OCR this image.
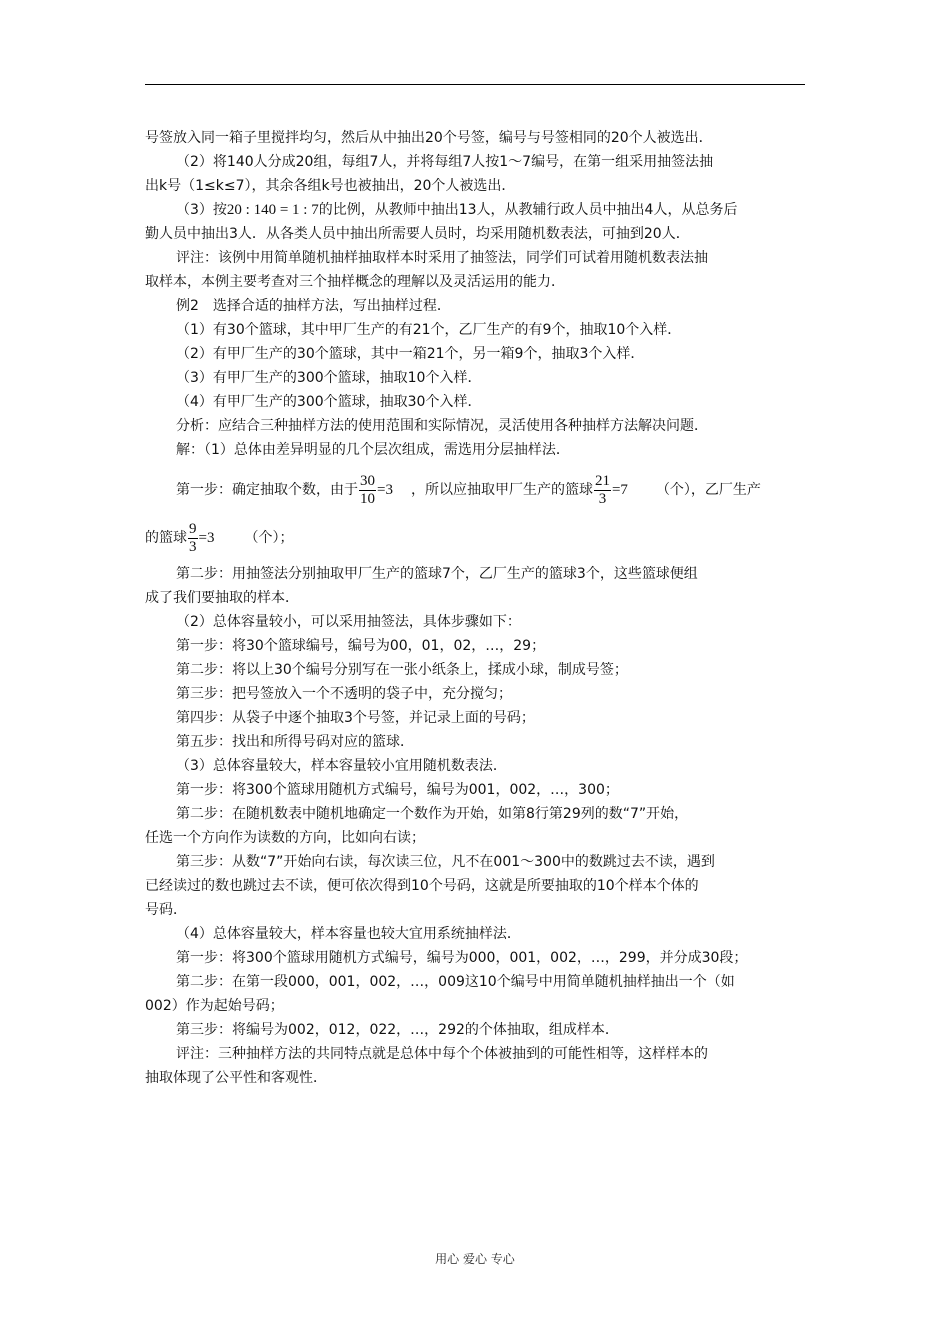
号签放入同一箱子里搅拌均匀，然后从中抽出20个号签，编号与号签相同的20个人被选出．
（2）将140人分成20组，每组7人，并将每组7人按1～7编号，在第一组采用抽签法抽
出k号（1≤k≤7），其余各组k号也被抽出，20个人被选出．
（3）按20 : 140 = 1 : 7的比例，从教师中抽出13人，从教辅行政人员中抽出4人，从总务后
勤人员中抽出3人．从各类人员中抽出所需要人员时，均采用随机数表法，可抽到20人．
评注：该例中用简单随机抽样抽取样本时采用了抽签法，同学们可试着用随机数表法抽
取样本，本例主要考查对三个抽样概念的理解以及灵活运用的能力．
例2　选择合适的抽样方法，写出抽样过程．
（1）有30个篮球，其中甲厂生产的有21个，乙厂生产的有9个，抽取10个入样．
（2）有甲厂生产的30个篮球，其中一箱21个，另一箱9个，抽取3个入样．
（3）有甲厂生产的300个篮球，抽取10个入样．
（4）有甲厂生产的300个篮球，抽取30个入样．
分析：应结合三种抽样方法的使用范围和实际情况，灵活使用各种抽样方法解决问题．
解：（1）总体由差异明显的几个层次组成，需选用分层抽样法．
第一步：确定抽取个数，由于 $\frac{30}{10} =3$ ，所以应抽取甲厂生产的篮球 $\frac{21}{3} =7$ （个），乙厂生产
的篮球 $\frac{9}{3} =3$ （个）；
第二步：用抽签法分别抽取甲厂生产的篮球7个，乙厂生产的篮球3个，这些篮球便组
成了我们要抽取的样本．
（2）总体容量较小，可以采用抽签法，具体步骤如下：
第一步：将30个篮球编号，编号为00，01，02，…，29；
第二步：将以上30个编号分别写在一张小纸条上，揉成小球，制成号签；
第三步：把号签放入一个不透明的袋子中，充分搅匀；
第四步：从袋子中逐个抽取3个号签，并记录上面的号码；
第五步：找出和所得号码对应的篮球．
（3）总体容量较大，样本容量较小宜用随机数表法．
第一步：将300个篮球用随机方式编号，编号为001，002，…，300；
第二步：在随机数表中随机地确定一个数作为开始，如第8行第29列的数“7”开始，
任选一个方向作为读数的方向，比如向右读；
第三步：从数“7”开始向右读，每次读三位，凡不在001～300中的数跳过去不读，遇到
已经读过的数也跳过去不读，便可依次得到10个号码，这就是所要抽取的10个样本个体的
号码．
（4）总体容量较大，样本容量也较大宜用系统抽样法．
第一步：将300个篮球用随机方式编号，编号为000，001，002，…，299，并分成30段；
第二步：在第一段000，001，002，…，009这10个编号中用简单随机抽样抽出一个（如
002）作为起始号码；
第三步：将编号为002，012，022，…，292的个体抽取，组成样本．
评注：三种抽样方法的共同特点就是总体中每个个体被抽到的可能性相等，这样样本的
抽取体现了公平性和客观性．
用心 爱心 专心
